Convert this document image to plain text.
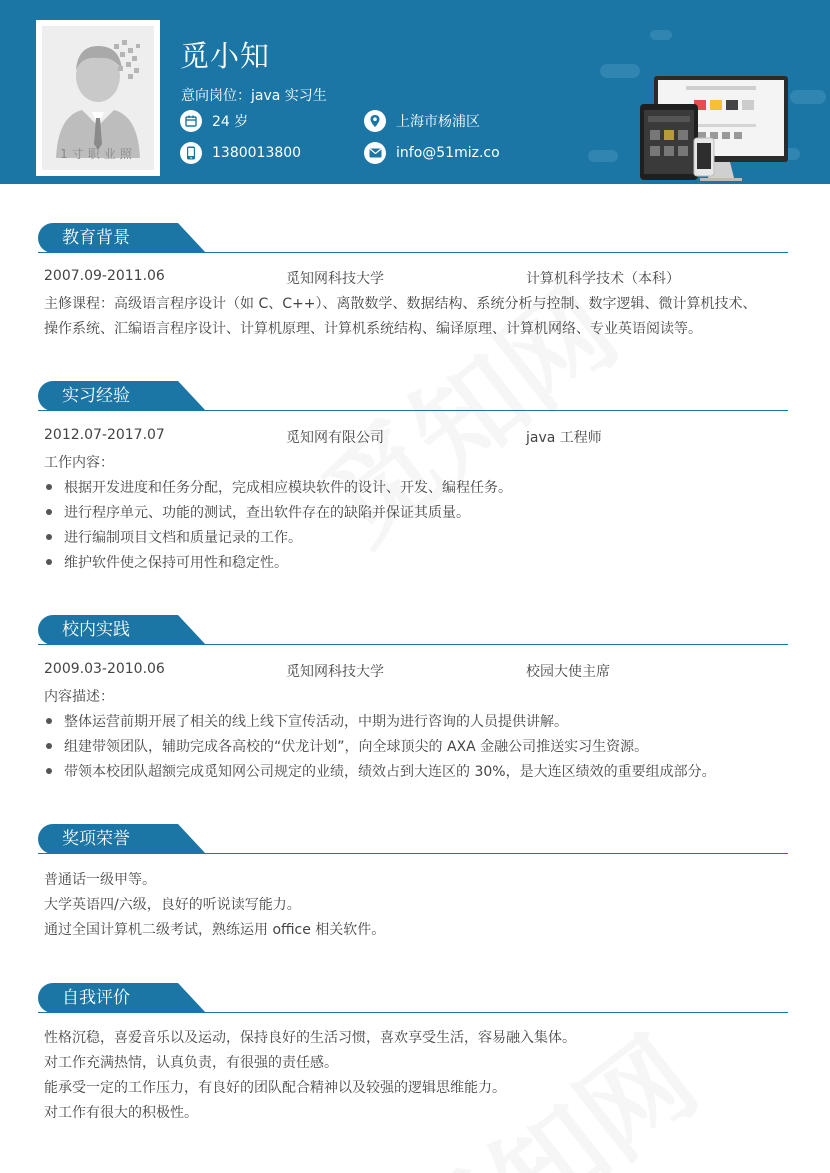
1寸职业照
觅小知
意向岗位：java 实习生
24 岁	上海市杨浦区
1380013800	info@51miz.co
教育背景
2007.09-2011.06	觅知网科技大学	计算机科学技术（本科）
主修课程：高级语言程序设计（如 C、C++）、离散数学、数据结构、系统分析与控制、数字逻辑、微计算机技术、
操作系统、汇编语言程序设计、计算机原理、计算机系统结构、编译原理、计算机网络、专业英语阅读等。
实习经验
2012.07-2017.07	觅知网有限公司	java 工程师
工作内容：
根据开发进度和任务分配，完成相应模块软件的设计、开发、编程任务。
进行程序单元、功能的测试，查出软件存在的缺陷并保证其质量。
进行编制项目文档和质量记录的工作。
维护软件使之保持可用性和稳定性。
校内实践
2009.03-2010.06	觅知网科技大学	校园大使主席
内容描述：
整体运营前期开展了相关的线上线下宣传活动，中期为进行咨询的人员提供讲解。
组建带领团队，辅助完成各高校的“伏龙计划”，向全球顶尖的 AXA 金融公司推送实习生资源。
带领本校团队超额完成觅知网公司规定的业绩，绩效占到大连区的 30%，是大连区绩效的重要组成部分。
奖项荣誉
普通话一级甲等。
大学英语四/六级，良好的听说读写能力。
通过全国计算机二级考试，熟练运用 office 相关软件。
自我评价
性格沉稳，喜爱音乐以及运动，保持良好的生活习惯，喜欢享受生活，容易融入集体。
对工作充满热情，认真负责，有很强的责任感。
能承受一定的工作压力，有良好的团队配合精神以及较强的逻辑思维能力。
对工作有很大的积极性。
